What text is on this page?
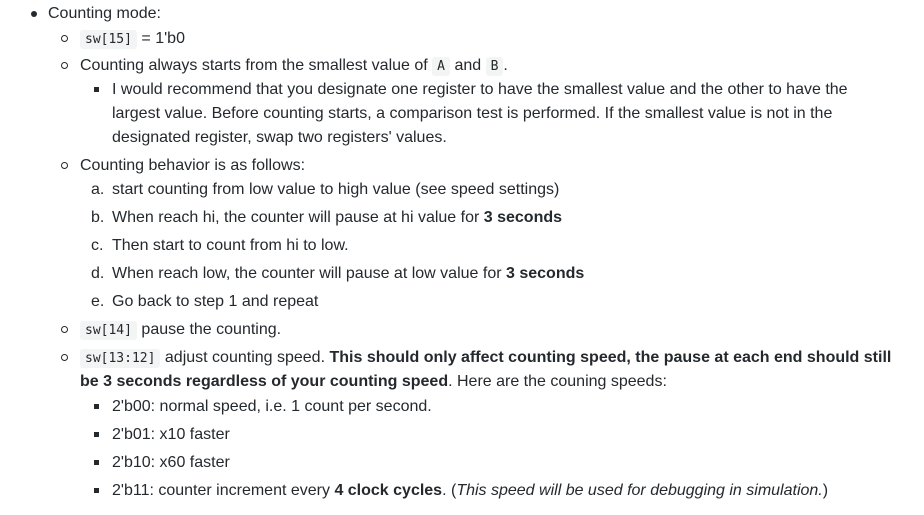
Counting mode:
sw[15] = 1'b0
Counting always starts from the smallest value of A and B .
I would recommend that you designate one register to have the smallest value and the other to have the
largest value. Before counting starts, a comparison test is performed. If the smallest value is not in the
designated register, swap two registers' values.
Counting behavior is as follows:
a. start counting from low value to high value (see speed settings)
b. When reach hi, the counter will pause at hi value for 3 seconds
c. Then start to count from hi to low.
d. When reach low, the counter will pause at low value for 3 seconds
e. Go back to step 1 and repeat
sw[14] pause the counting.
sw[13:12] adjust counting speed. This should only affect counting speed, the pause at each end should still
be 3 seconds regardless of your counting speed. Here are the couning speeds:
2'b00: normal speed, i.e. 1 count per second.
2'b01: x10 faster
2'b10: x60 faster
2'b11: counter increment every 4 clock cycles. (This speed will be used for debugging in simulation.)
